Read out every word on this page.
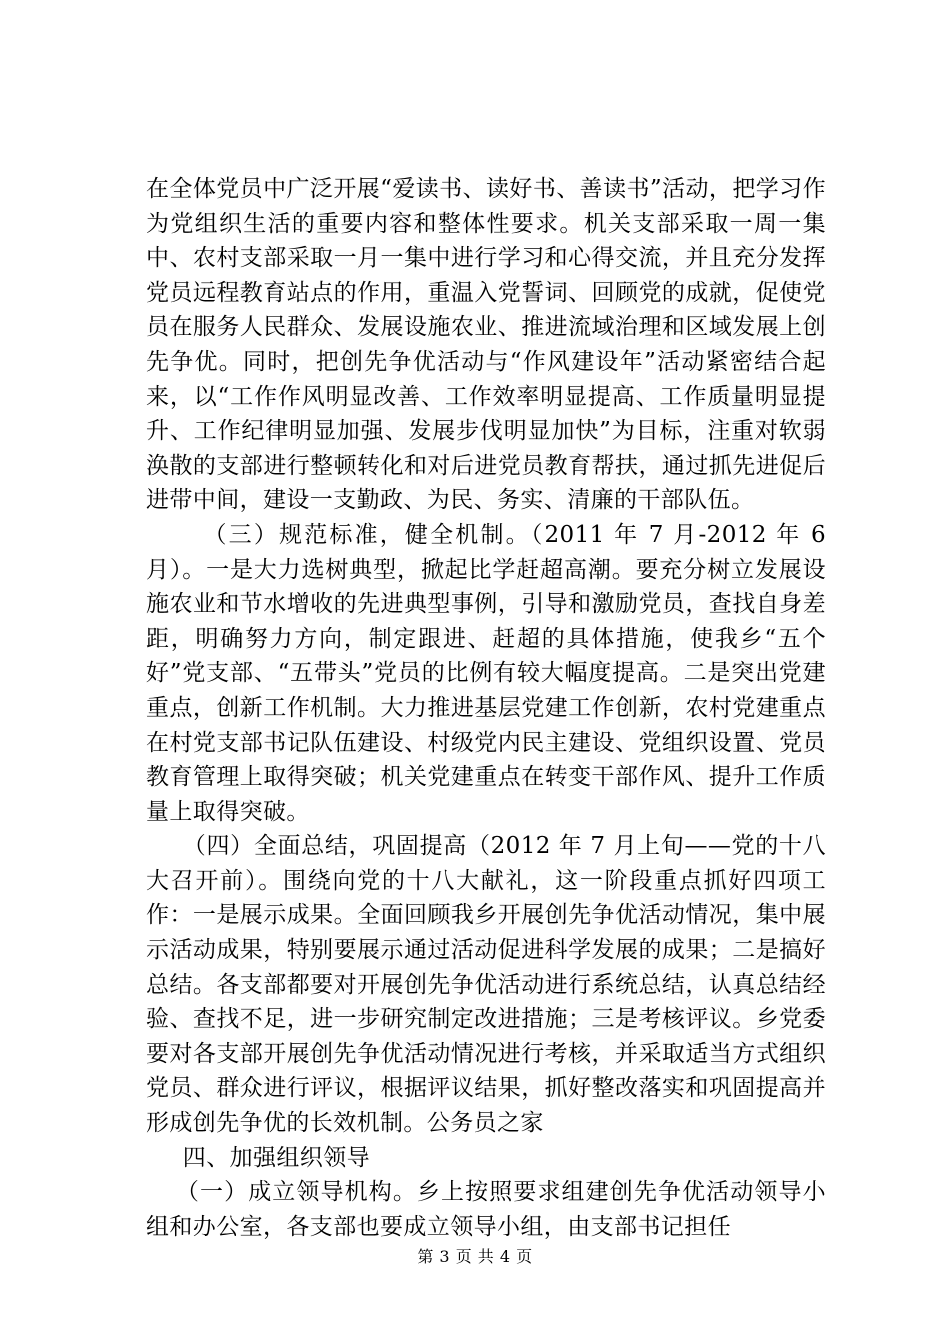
在全体党员中广泛开展“爱读书、读好书、善读书”活动，把学习作为党组织生活的重要内容和整体性要求。机关支部采取一周一集中、农村支部采取一月一集中进行学习和心得交流，并且充分发挥党员远程教育站点的作用，重温入党誓词、回顾党的成就，促使党员在服务人民群众、发展设施农业、推进流域治理和区域发展上创先争优。同时，把创先争优活动与“作风建设年”活动紧密结合起来，以“工作作风明显改善、工作效率明显提高、工作质量明显提升、工作纪律明显加强、发展步伐明显加快”为目标，注重对软弱涣散的支部进行整顿转化和对后进党员教育帮扶，通过抓先进促后进带中间，建设一支勤政、为民、务实、清廉的干部队伍。

（三）规范标准，健全机制。（2011 年 7 月-2012 年 6 月）。一是大力选树典型，掀起比学赶超高潮。要充分树立发展设施农业和节水增收的先进典型事例，引导和激励党员，查找自身差距，明确努力方向，制定跟进、赶超的具体措施，使我乡“五个好”党支部、“五带头”党员的比例有较大幅度提高。二是突出党建重点，创新工作机制。大力推进基层党建工作创新，农村党建重点在村党支部书记队伍建设、村级党内民主建设、党组织设置、党员教育管理上取得突破；机关党建重点在转变干部作风、提升工作质量上取得突破。

（四）全面总结，巩固提高（2012 年 7 月上旬——党的十八大召开前）。围绕向党的十八大献礼，这一阶段重点抓好四项工作：一是展示成果。全面回顾我乡开展创先争优活动情况，集中展示活动成果，特别要展示通过活动促进科学发展的成果；二是搞好总结。各支部都要对开展创先争优活动进行系统总结，认真总结经验、查找不足，进一步研究制定改进措施；三是考核评议。乡党委要对各支部开展创先争优活动情况进行考核，并采取适当方式组织党员、群众进行评议，根据评议结果，抓好整改落实和巩固提高并形成创先争优的长效机制。公务员之家

四、加强组织领导

（一）成立领导机构。乡上按照要求组建创先争优活动领导小组和办公室，各支部也要成立领导小组，由支部书记担任

第 3 页 共 4 页
